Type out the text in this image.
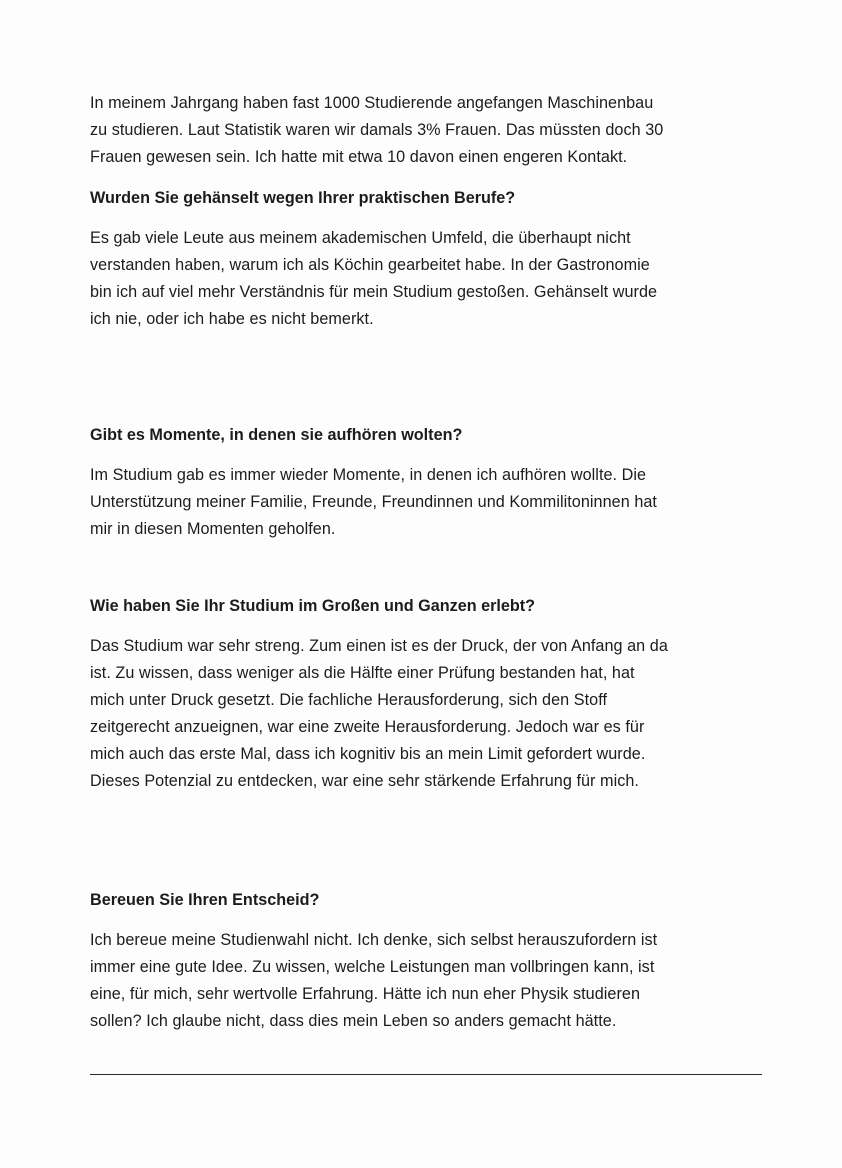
In meinem Jahrgang haben fast 1000 Studierende angefangen Maschinenbau
zu studieren. Laut Statistik waren wir damals 3% Frauen. Das müssten doch 30
Frauen gewesen sein. Ich hatte mit etwa 10 davon einen engeren Kontakt.

Wurden Sie gehänselt wegen Ihrer praktischen Berufe?

Es gab viele Leute aus meinem akademischen Umfeld, die überhaupt nicht
verstanden haben, warum ich als Köchin gearbeitet habe. In der Gastronomie
bin ich auf viel mehr Verständnis für mein Studium gestoßen. Gehänselt wurde
ich nie, oder ich habe es nicht bemerkt.

Gibt es Momente, in denen sie aufhören wolten?

Im Studium gab es immer wieder Momente, in denen ich aufhören wollte. Die
Unterstützung meiner Familie, Freunde, Freundinnen und Kommilitoninnen hat
mir in diesen Momenten geholfen.

Wie haben Sie Ihr Studium im Großen und Ganzen erlebt?

Das Studium war sehr streng. Zum einen ist es der Druck, der von Anfang an da
ist. Zu wissen, dass weniger als die Hälfte einer Prüfung bestanden hat, hat
mich unter Druck gesetzt. Die fachliche Herausforderung, sich den Stoff
zeitgerecht anzueignen, war eine zweite Herausforderung. Jedoch war es für
mich auch das erste Mal, dass ich kognitiv bis an mein Limit gefordert wurde.
Dieses Potenzial zu entdecken, war eine sehr stärkende Erfahrung für mich.

Bereuen Sie Ihren Entscheid?

Ich bereue meine Studienwahl nicht. Ich denke, sich selbst herauszufordern ist
immer eine gute Idee. Zu wissen, welche Leistungen man vollbringen kann, ist
eine, für mich, sehr wertvolle Erfahrung. Hätte ich nun eher Physik studieren
sollen? Ich glaube nicht, dass dies mein Leben so anders gemacht hätte.
